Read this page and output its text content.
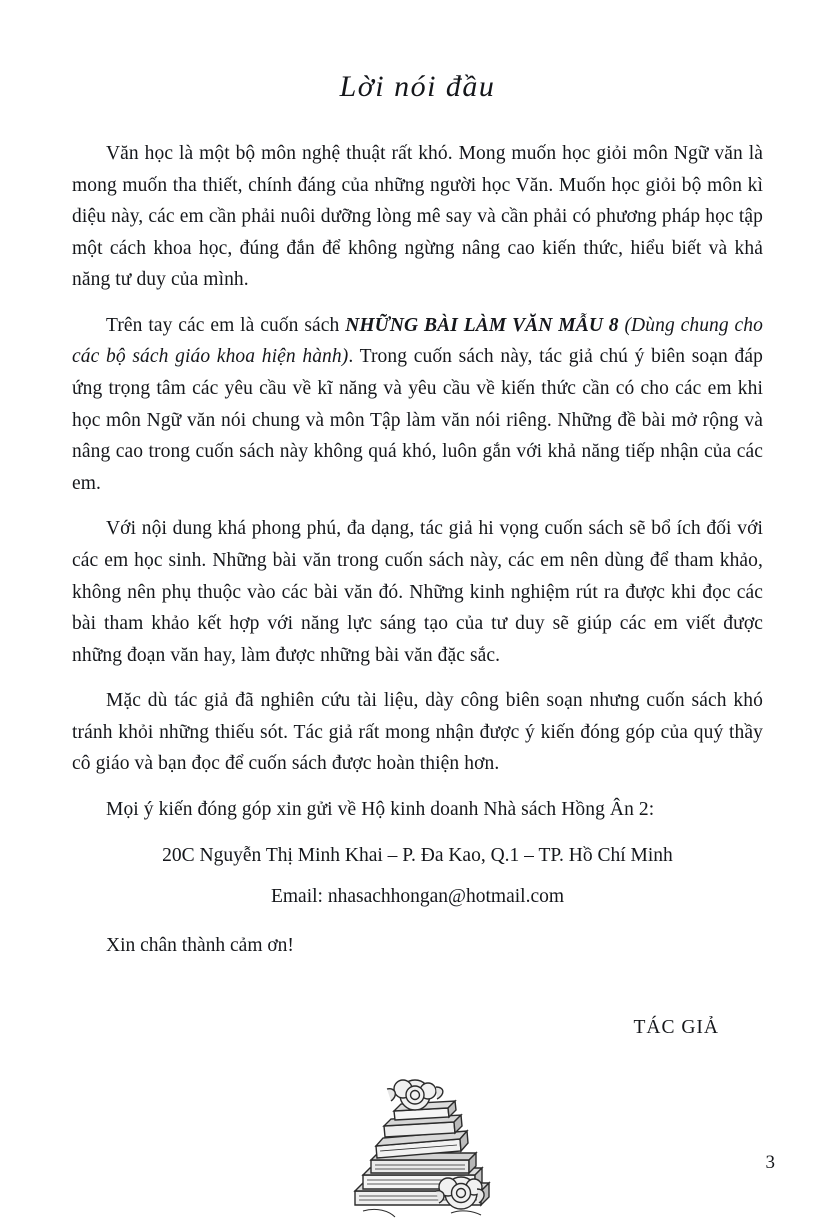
Lời nói đầu

Văn học là một bộ môn nghệ thuật rất khó. Mong muốn học giỏi môn Ngữ văn là mong muốn tha thiết, chính đáng của những người học Văn. Muốn học giỏi bộ môn kì diệu này, các em cần phải nuôi dưỡng lòng mê say và cần phải có phương pháp học tập một cách khoa học, đúng đắn để không ngừng nâng cao kiến thức, hiểu biết và khả năng tư duy của mình.

Trên tay các em là cuốn sách NHỮNG BÀI LÀM VĂN MẪU 8 (Dùng chung cho các bộ sách giáo khoa hiện hành). Trong cuốn sách này, tác giả chú ý biên soạn đáp ứng trọng tâm các yêu cầu về kĩ năng và yêu cầu về kiến thức cần có cho các em khi học môn Ngữ văn nói chung và môn Tập làm văn nói riêng. Những đề bài mở rộng và nâng cao trong cuốn sách này không quá khó, luôn gắn với khả năng tiếp nhận của các em.

Với nội dung khá phong phú, đa dạng, tác giả hi vọng cuốn sách sẽ bổ ích đối với các em học sinh. Những bài văn trong cuốn sách này, các em nên dùng để tham khảo, không nên phụ thuộc vào các bài văn đó. Những kinh nghiệm rút ra được khi đọc các bài tham khảo kết hợp với năng lực sáng tạo của tư duy sẽ giúp các em viết được những đoạn văn hay, làm được những bài văn đặc sắc.

Mặc dù tác giả đã nghiên cứu tài liệu, dày công biên soạn nhưng cuốn sách khó tránh khỏi những thiếu sót. Tác giả rất mong nhận được ý kiến đóng góp của quý thầy cô giáo và bạn đọc để cuốn sách được hoàn thiện hơn.

Mọi ý kiến đóng góp xin gửi về Hộ kinh doanh Nhà sách Hồng Ân 2:

20C Nguyễn Thị Minh Khai – P. Đa Kao, Q.1 – TP. Hồ Chí Minh

Email: nhasachhongan@hotmail.com

Xin chân thành cảm ơn!

TÁC GIẢ
3
